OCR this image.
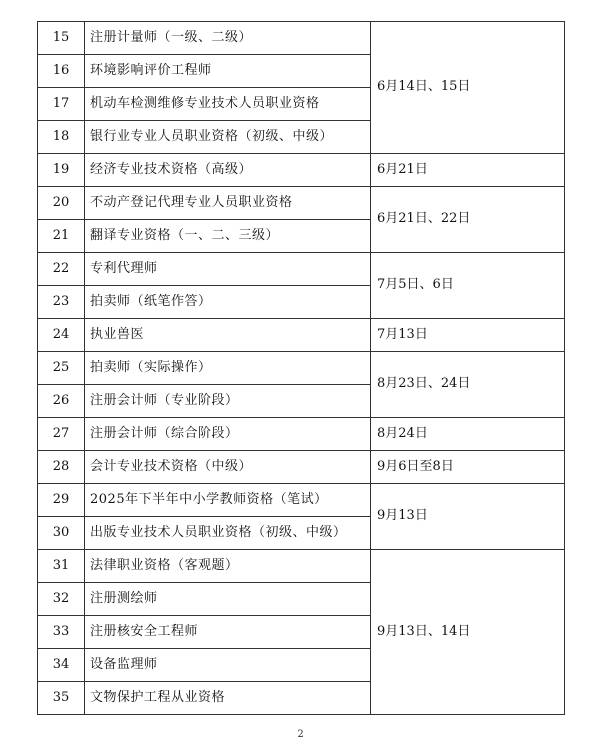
15	注册计量师（一级、二级）	6月14日、15日
16	环境影响评价工程师	
17	机动车检测维修专业技术人员职业资格	
18	银行业专业人员职业资格（初级、中级）	
19	经济专业技术资格（高级）	6月21日
20	不动产登记代理专业人员职业资格	6月21日、22日
21	翻译专业资格（一、二、三级）	
22	专利代理师	7月5日、6日
23	拍卖师（纸笔作答）	
24	执业兽医	7月13日
25	拍卖师（实际操作）	8月23日、24日
26	注册会计师（专业阶段）	
27	注册会计师（综合阶段）	8月24日
28	会计专业技术资格（中级）	9月6日至8日
29	2025年下半年中小学教师资格（笔试）	9月13日
30	出版专业技术人员职业资格（初级、中级）	
31	法律职业资格（客观题）	9月13日、14日
32	注册测绘师	
33	注册核安全工程师	
34	设备监理师	
35	文物保护工程从业资格	
2
